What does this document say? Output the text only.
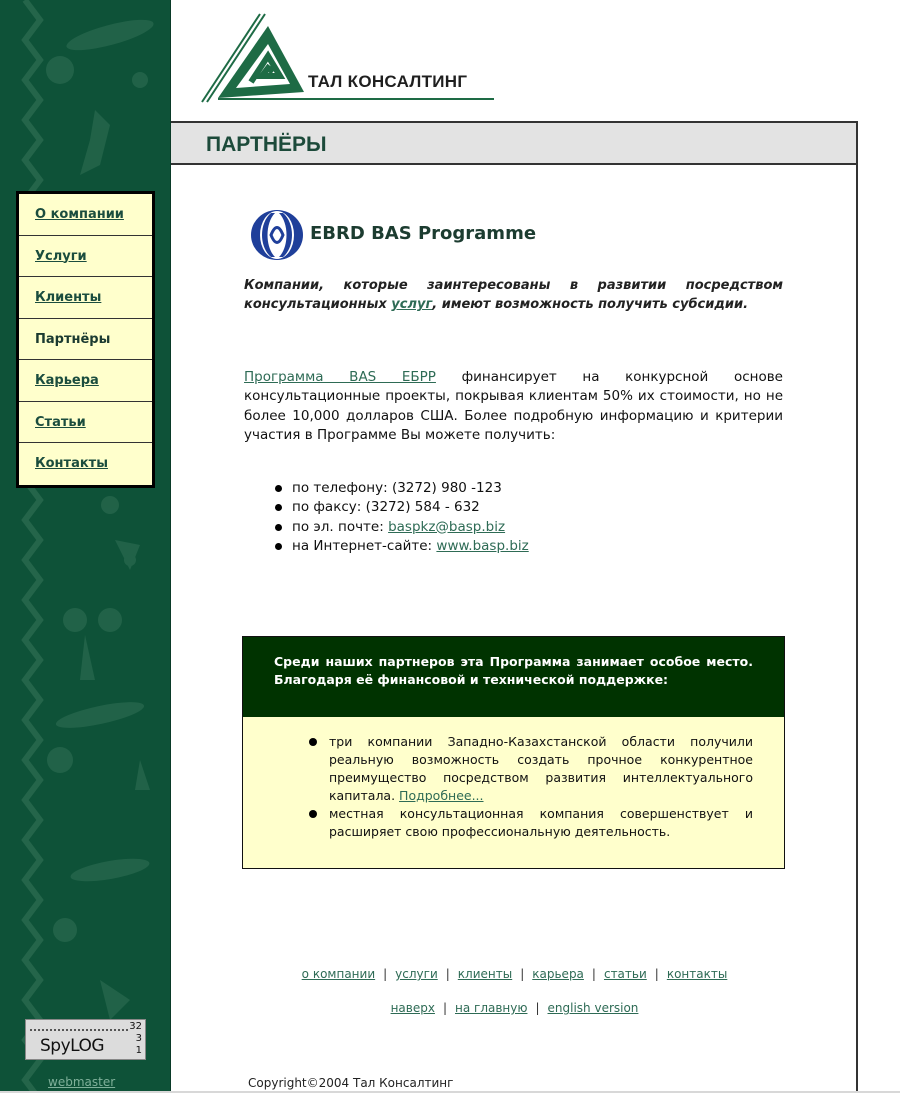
О компании
Услуги
Клиенты
Партнёры
Карьера
Статьи
Контакты
SpyLOG
32
3
1
webmaster
ТАЛ КОНСАЛТИНГ
ПАРТНЁРЫ
EBRD BAS Programme

Компании, которые заинтересованы в развитии посредством консультационных услуг, имеют возможность получить субсидии.

Программа BAS ЕБРР финансирует на конкурсной основе консультационные проекты, покрывая клиентам 50% их стоимости, но не более 10,000 долларов США. Более подробную информацию и критерии участия в Программе Вы можете получить:

по телефону: (3272) 980 -123
по факсу: (3272) 584 - 632
по эл. почте: baspkz@basp.biz
на Интернет-сайте: www.basp.biz
Среди наших партнеров эта Программа занимает особое место. Благодаря её финансовой и технической поддержке:
три компании Западно-Казахстанской области получили реальную возможность создать прочное конкурентное преимущество посредством развития интеллектуального капитала. Подробнее...
местная консультационная компания совершенствует и расширяет свою профессиональную деятельность.
о компании | услуги | клиенты | карьера | статьи | контакты
наверх | на главную | english version
Copyright©2004 Тал Консалтинг
